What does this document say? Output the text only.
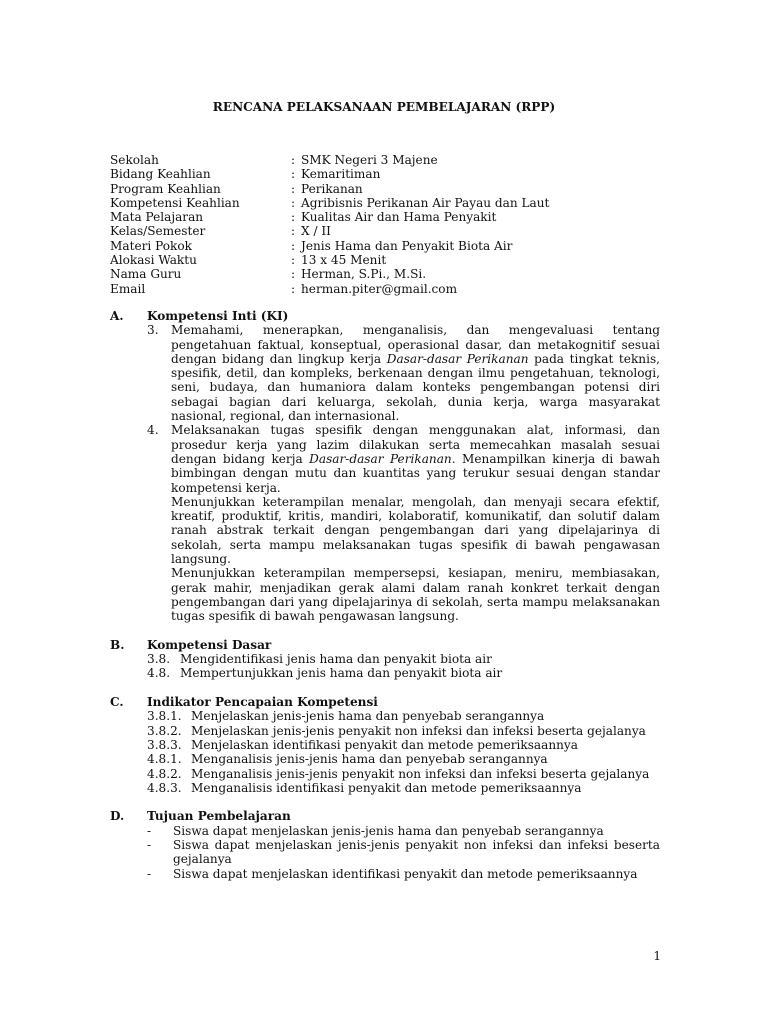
RENCANA PELAKSANAAN PEMBELAJARAN (RPP)
Sekolah	: SMK Negeri 3 Majene
Bidang Keahlian	: Kemaritiman
Program Keahlian	: Perikanan
Kompetensi Keahlian	: Agribisnis Perikanan Air Payau dan Laut
Mata Pelajaran	: Kualitas Air dan Hama Penyakit
Kelas/Semester	: X / II
Materi Pokok	: Jenis Hama dan Penyakit Biota Air
Alokasi Waktu	: 13 x 45 Menit
Nama Guru	: Herman, S.Pi., M.Si.
Email	: herman.piter@gmail.com
A.	Kompetensi Inti (KI)
3.	Memahami, menerapkan, menganalisis, dan mengevaluasi tentang pengetahuan faktual, konseptual, operasional dasar, dan metakognitif sesuai dengan bidang dan lingkup kerja Dasar-dasar Perikanan pada tingkat teknis, spesifik, detil, dan kompleks, berkenaan dengan ilmu pengetahuan, teknologi, seni, budaya, dan humaniora dalam konteks pengembangan potensi diri sebagai bagian dari keluarga, sekolah, dunia kerja, warga masyarakat nasional, regional, dan internasional.
4.	Melaksanakan tugas spesifik dengan menggunakan alat, informasi, dan prosedur kerja yang lazim dilakukan serta memecahkan masalah sesuai dengan bidang kerja Dasar-dasar Perikanan. Menampilkan kinerja di bawah bimbingan dengan mutu dan kuantitas yang terukur sesuai dengan standar kompetensi kerja.
Menunjukkan keterampilan menalar, mengolah, dan menyaji secara efektif, kreatif, produktif, kritis, mandiri, kolaboratif, komunikatif, dan solutif dalam ranah abstrak terkait dengan pengembangan dari yang dipelajarinya di sekolah, serta mampu melaksanakan tugas spesifik di bawah pengawasan langsung.
Menunjukkan keterampilan mempersepsi, kesiapan, meniru, membiasakan, gerak mahir, menjadikan gerak alami dalam ranah konkret terkait dengan pengembangan dari yang dipelajarinya di sekolah, serta mampu melaksanakan tugas spesifik di bawah pengawasan langsung.
B.	Kompetensi Dasar
3.8. Mengidentifikasi jenis hama dan penyakit biota air
4.8. Mempertunjukkan jenis hama dan penyakit biota air
C.	Indikator Pencapaian Kompetensi
3.8.1. Menjelaskan jenis-jenis hama dan penyebab serangannya
3.8.2. Menjelaskan jenis-jenis penyakit non infeksi dan infeksi beserta gejalanya
3.8.3. Menjelaskan identifikasi penyakit dan metode pemeriksaannya
4.8.1. Menganalisis jenis-jenis hama dan penyebab serangannya
4.8.2. Menganalisis jenis-jenis penyakit non infeksi dan infeksi beserta gejalanya
4.8.3. Menganalisis identifikasi penyakit dan metode pemeriksaannya
D.	Tujuan Pembelajaran
-	Siswa dapat menjelaskan jenis-jenis hama dan penyebab serangannya
-	Siswa dapat menjelaskan jenis-jenis penyakit non infeksi dan infeksi beserta gejalanya
-	Siswa dapat menjelaskan identifikasi penyakit dan metode pemeriksaannya
1
